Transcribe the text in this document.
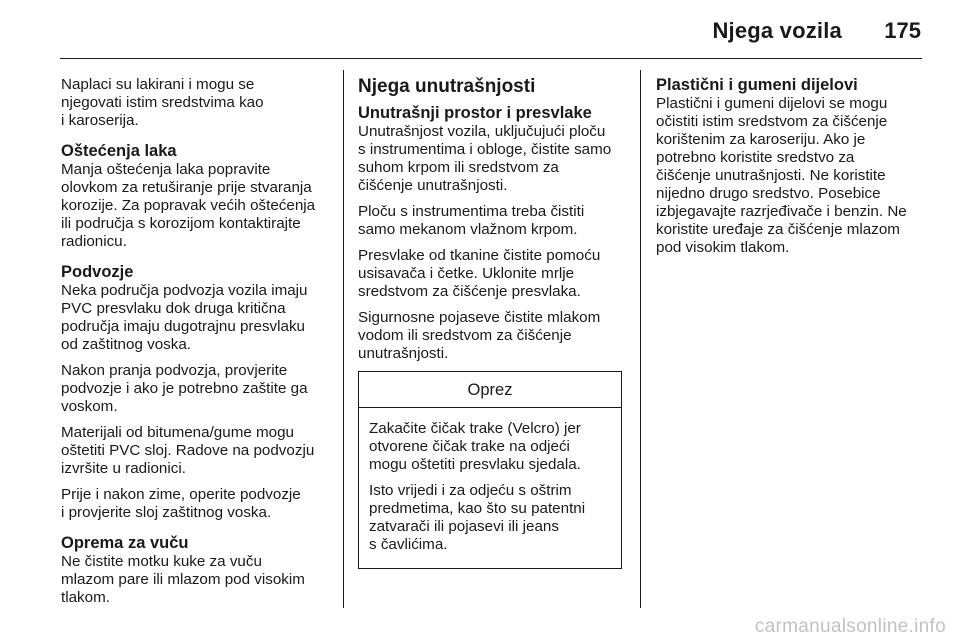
Njega vozila 175

Naplaci su lakirani i mogu se
njegovati istim sredstvima kao
i karoserija.

Oštećenja laka

Manja oštećenja laka popravite
olovkom za retuširanje prije stvaranja
korozije. Za popravak većih oštećenja
ili područja s korozijom kontaktirajte
radionicu.

Podvozje

Neka područja podvozja vozila imaju
PVC presvlaku dok druga kritična
područja imaju dugotrajnu presvlaku
od zaštitnog voska.

Nakon pranja podvozja, provjerite
podvozje i ako je potrebno zaštite ga
voskom.

Materijali od bitumena/gume mogu
oštetiti PVC sloj. Radove na podvozju
izvršite u radionici.

Prije i nakon zime, operite podvozje
i provjerite sloj zaštitnog voska.

Oprema za vuču

Ne čistite motku kuke za vuču
mlazom pare ili mlazom pod visokim
tlakom.

Njega unutrašnjosti
Unutrašnji prostor i presvlake

Unutrašnjost vozila, uključujući ploču
s instrumentima i obloge, čistite samo
suhom krpom ili sredstvom za
čišćenje unutrašnjosti.

Ploču s instrumentima treba čistiti
samo mekanom vlažnom krpom.

Presvlake od tkanine čistite pomoću
usisavača i četke. Uklonite mrlje
sredstvom za čišćenje presvlaka.

Sigurnosne pojaseve čistite mlakom
vodom ili sredstvom za čišćenje
unutrašnjosti.

Oprez

Zakačite čičak trake (Velcro) jer
otvorene čičak trake na odjeći
mogu oštetiti presvlaku sjedala.

Isto vrijedi i za odjeću s oštrim
predmetima, kao što su patentni
zatvarači ili pojasevi ili jeans
s čavlićima.

Plastični i gumeni dijelovi

Plastični i gumeni dijelovi se mogu
očistiti istim sredstvom za čišćenje
korištenim za karoseriju. Ako je
potrebno koristite sredstvo za
čišćenje unutrašnjosti. Ne koristite
nijedno drugo sredstvo. Posebice
izbjegavajte razrjeđivače i benzin. Ne
koristite uređaje za čišćenje mlazom
pod visokim tlakom.

carmanualsonline.info
